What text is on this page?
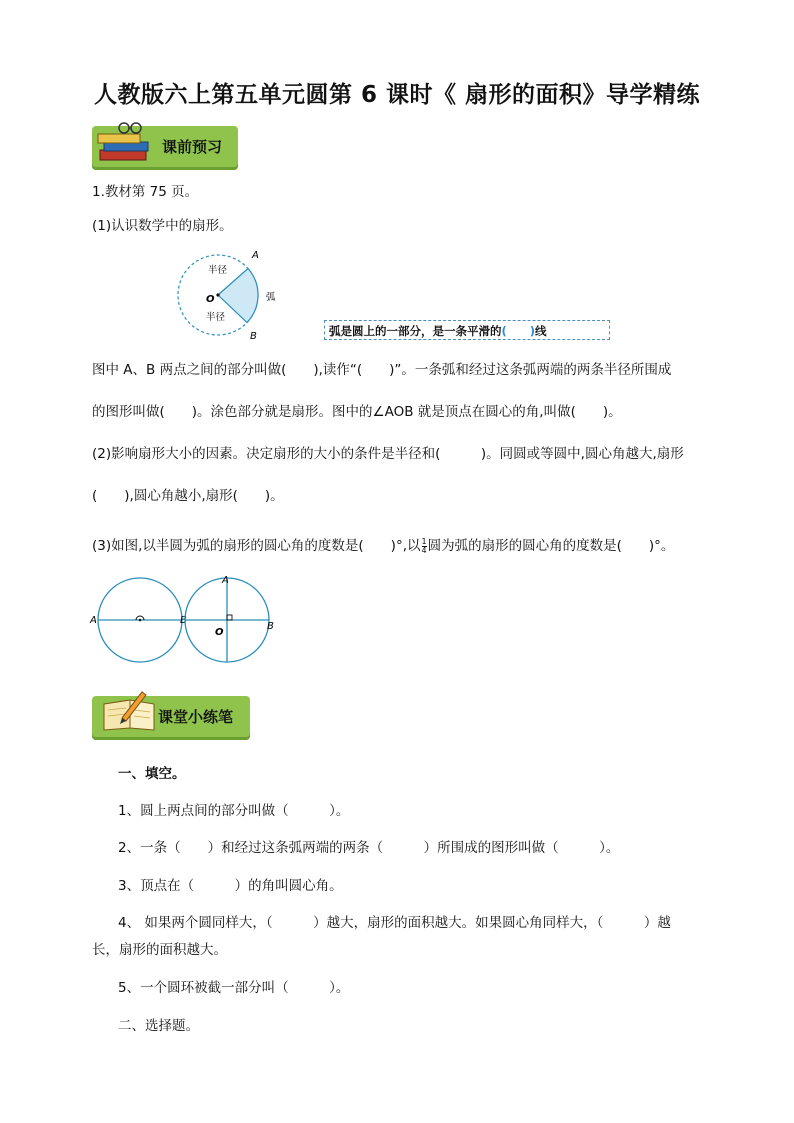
人教版六上第五单元圆第 6 课时《 扇形的面积》导学精练
课前预习
1.教材第 75 页。
(1)认识数学中的扇形。
A
B
O
半径
半径
弧
弧是圆上的一部分，是一条平滑的(　　)线
图中 A、B 两点之间的部分叫做(　　),读作“(　　)”。一条弧和经过这条弧两端的两条半径所围成
的图形叫做(　　)。涂色部分就是扇形。图中的∠AOB 就是顶点在圆心的角,叫做(　　)。
(2)影响扇形大小的因素。决定扇形的大小的条件是半径和(　　　)。同圆或等圆中,圆心角越大,扇形
(　　),圆心角越小,扇形(　　)。
(3)如图,以半圆为弧的扇形的圆心角的度数是(　　)°,以 $\frac{1}{4}$ 圆为弧的扇形的圆心角的度数是(　　)°。
A	B
A
B
O
课堂小练笔
一、填空。
1、圆上两点间的部分叫做（　　　）。
2、一条（　　）和经过这条弧两端的两条（　　　）所围成的图形叫做（　　　）。
3、顶点在（　　　）的角叫圆心角。
4、 如果两个圆同样大，（　　　）越大，扇形的面积越大。如果圆心角同样大，（　　　）越
长，扇形的面积越大。
5、一个圆环被截一部分叫（　　　）。
二、选择题。
